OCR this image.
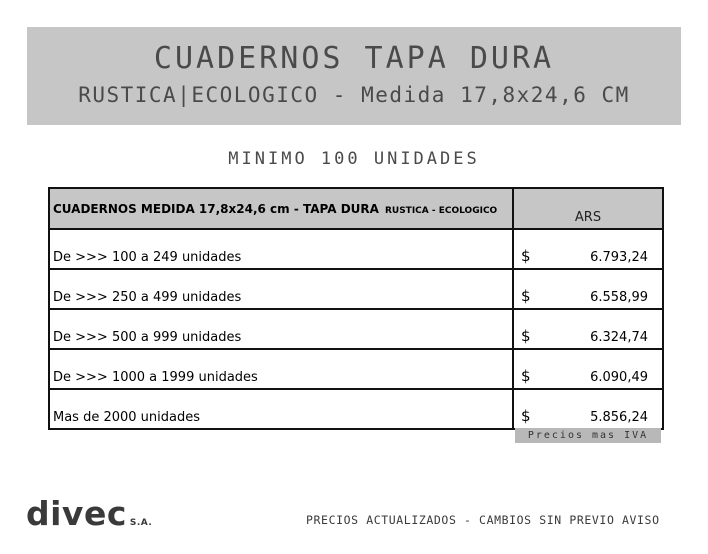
CUADERNOS TAPA DURA
RUSTICA|ECOLOGICO - Medida 17,8x24,6 CM
MINIMO 100 UNIDADES
CUADERNOS MEDIDA 17,8x24,6 cm - TAPA DURA RUSTICA - ECOLOGICO	ARS
De >>> 100 a 249 unidades	$ 6.793,24

De >>> 250 a 499 unidades	$ 6.558,99

De >>> 500 a 999 unidades	$ 6.324,74

De >>> 1000 a 1999 unidades	$ 6.090,49

Mas de 2000 unidades	$ 5.856,24
Precios mas IVA
divec S.A.	PRECIOS ACTUALIZADOS - CAMBIOS SIN PREVIO AVISO
